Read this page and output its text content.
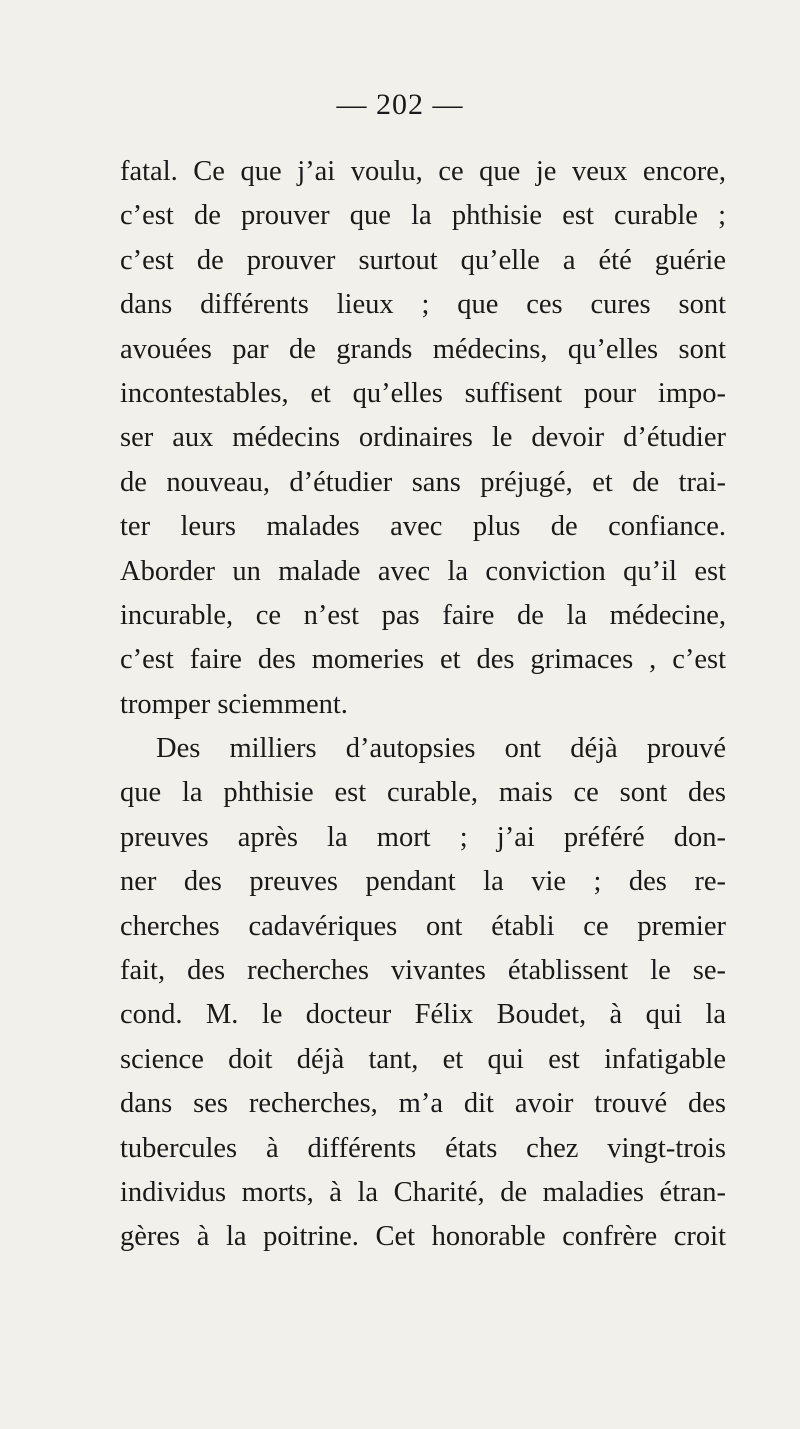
— 202 —
fatal. Ce que j’ai voulu, ce que je veux encore,
c’est de prouver que la phthisie est curable ;
c’est de prouver surtout qu’elle a été guérie
dans différents lieux ; que ces cures sont
avouées par de grands médecins, qu’elles sont
incontestables, et qu’elles suffisent pour impo-
ser aux médecins ordinaires le devoir d’étudier
de nouveau, d’étudier sans préjugé, et de trai-
ter leurs malades avec plus de confiance.
Aborder un malade avec la conviction qu’il est
incurable, ce n’est pas faire de la médecine,
c’est faire des momeries et des grimaces , c’est
tromper sciemment.
Des milliers d’autopsies ont déjà prouvé
que la phthisie est curable, mais ce sont des
preuves après la mort ; j’ai préféré don-
ner des preuves pendant la vie ; des re-
cherches cadavériques ont établi ce premier
fait, des recherches vivantes établissent le se-
cond. M. le docteur Félix Boudet, à qui la
science doit déjà tant, et qui est infatigable
dans ses recherches, m’a dit avoir trouvé des
tubercules à différents états chez vingt-trois
individus morts, à la Charité, de maladies étran-
gères à la poitrine. Cet honorable confrère croit
